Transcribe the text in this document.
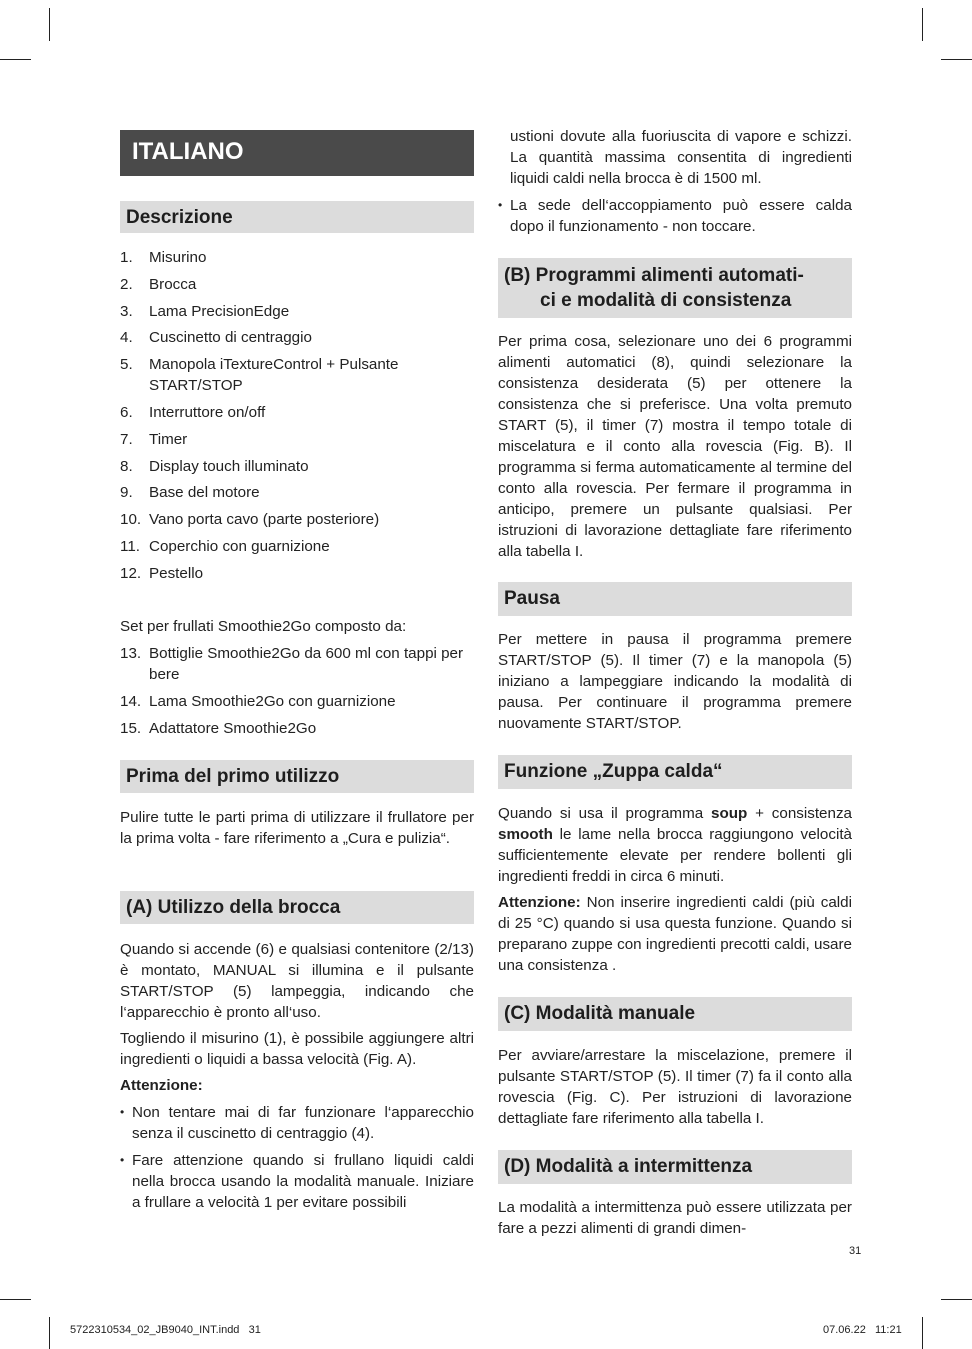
ITALIANO
Descrizione
1. Misurino
2. Brocca
3. Lama PrecisionEdge
4. Cuscinetto di centraggio
5. Manopola iTextureControl + Pulsante START/STOP
6. Interruttore on/off
7. Timer
8. Display touch illuminato
9. Base del motore
10. Vano porta cavo (parte posteriore)
11. Coperchio con guarnizione
12. Pestello

Set per frullati Smoothie2Go composto da:

13. Bottiglie Smoothie2Go da 600 ml con tappi per bere
14. Lama Smoothie2Go con guarnizione
15. Adattatore Smoothie2Go
Prima del primo utilizzo

Pulire tutte le parti prima di utilizzare il frullatore per la prima volta - fare riferimento a „Cura e pulizia“.

(A) Utilizzo della brocca

Quando si accende (6) e qualsiasi contenitore (2/13) è montato, MANUAL si illumina e il pulsante START/STOP (5) lampeggia, indicando che l‘apparecchio è pronto all‘uso.

Togliendo il misurino (1), è possibile aggiungere altri ingredienti o liquidi a bassa velocità (Fig. A).

Attenzione:

• Non tentare mai di far funzionare l‘apparecchio senza il cuscinetto di centraggio (4).
• Fare attenzione quando si frullano liquidi caldi nella brocca usando la modalità manuale. Iniziare a frullare a velocità 1 per evitare possibili

ustioni dovute alla fuoriuscita di vapore e schizzi. La quantità massima consentita di ingredienti liquidi caldi nella brocca è di 1500 ml.

• La sede dell‘accoppiamento può essere calda dopo il funzionamento - non toccare.
(B) Programmi alimenti automati-
ci e modalità di consistenza

Per prima cosa, selezionare uno dei 6 programmi alimenti automatici (8), quindi selezionare la consistenza desiderata (5) per ottenere la consistenza che si preferisce. Una volta premuto START (5), il timer (7) mostra il tempo totale di miscelatura e il conto alla rovescia (Fig. B). Il programma si ferma automaticamente al termine del conto alla rovescia. Per fermare il programma in anticipo, premere un pulsante qualsiasi. Per istruzioni di lavorazione dettagliate fare riferimento alla tabella I.

Pausa

Per mettere in pausa il programma premere START/STOP (5). Il timer (7) e la manopola (5) iniziano a lampeggiare indicando la modalità di pausa. Per continuare il programma premere nuovamente START/STOP.

Funzione „Zuppa calda“

Quando si usa il programma soup + consistenza smooth le lame nella brocca raggiungono velocità sufficientemente elevate per rendere bollenti gli ingredienti freddi in circa 6 minuti.

Attenzione: Non inserire ingredienti caldi (più caldi di 25 °C) quando si usa questa funzione. Quando si preparano zuppe con ingredienti precotti caldi, usare una consistenza .

(C) Modalità manuale

Per avviare/arrestare la miscelazione, premere il pulsante START/STOP (5). Il timer (7) fa il conto alla rovescia (Fig. C). Per istruzioni di lavorazione dettagliate fare riferimento alla tabella I.

(D) Modalità a intermittenza

La modalità a intermittenza può essere utilizzata per fare a pezzi alimenti di grandi dimen-

31
5722310534_02_JB9040_INT.indd   31	07.06.22   11:21
